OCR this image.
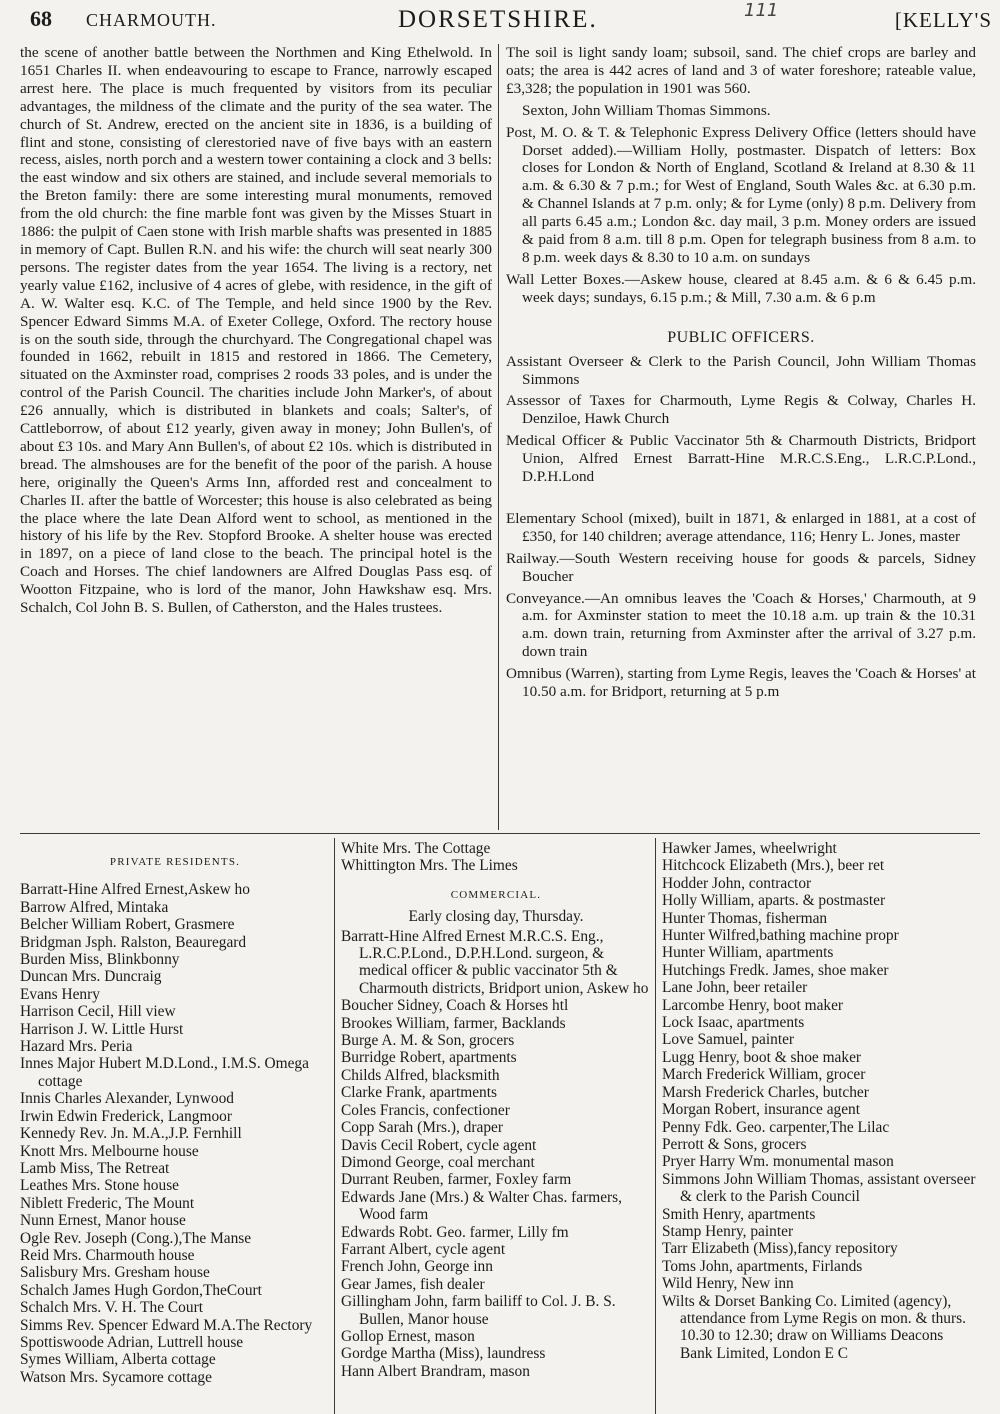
68 CHARMOUTH.	DORSETSHIRE.	111	[KELLY'S

the scene of another battle between the Northmen and King Ethelwold. In 1651 Charles II. when endeavouring to escape to France, narrowly escaped arrest here. The place is much frequented by visitors from its peculiar advantages, the mildness of the climate and the purity of the sea water. The church of St. Andrew, erected on the ancient site in 1836, is a building of flint and stone, consisting of clerestoried nave of five bays with an eastern recess, aisles, north porch and a western tower containing a clock and 3 bells: the east window and six others are stained, and include several memorials to the Breton family: there are some interesting mural monuments, removed from the old church: the fine marble font was given by the Misses Stuart in 1886: the pulpit of Caen stone with Irish marble shafts was presented in 1885 in memory of Capt. Bullen R.N. and his wife: the church will seat nearly 300 persons. The register dates from the year 1654. The living is a rectory, net yearly value £162, inclusive of 4 acres of glebe, with residence, in the gift of A. W. Walter esq. K.C. of The Temple, and held since 1900 by the Rev. Spencer Edward Simms M.A. of Exeter College, Oxford. The rectory house is on the south side, through the churchyard. The Congregational chapel was founded in 1662, rebuilt in 1815 and restored in 1866. The Cemetery, situated on the Axminster road, comprises 2 roods 33 poles, and is under the control of the Parish Council. The charities include John Marker's, of about £26 annually, which is distributed in blankets and coals; Salter's, of Cattleborrow, of about £12 yearly, given away in money; John Bullen's, of about £3 10s. and Mary Ann Bullen's, of about £2 10s. which is distributed in bread. The almshouses are for the benefit of the poor of the parish. A house here, originally the Queen's Arms Inn, afforded rest and concealment to Charles II. after the battle of Worcester; this house is also celebrated as being the place where the late Dean Alford went to school, as mentioned in the history of his life by the Rev. Stopford Brooke. A shelter house was erected in 1897, on a piece of land close to the beach. The principal hotel is the Coach and Horses. The chief landowners are Alfred Douglas Pass esq. of Wootton Fitzpaine, who is lord of the manor, John Hawkshaw esq. Mrs. Schalch, Col John B. S. Bullen, of Catherston, and the Hales trustees.

The soil is light sandy loam; subsoil, sand. The chief crops are barley and oats; the area is 442 acres of land and 3 of water foreshore; rateable value, £3,328; the population in 1901 was 560.

Sexton, John William Thomas Simmons.

Post, M. O. & T. & Telephonic Express Delivery Office (letters should have Dorset added).—William Holly, postmaster. Dispatch of letters: Box closes for London & North of England, Scotland & Ireland at 8.30 & 11 a.m. & 6.30 & 7 p.m.; for West of England, South Wales &c. at 6.30 p.m. & Channel Islands at 7 p.m. only; & for Lyme (only) 8 p.m. Delivery from all parts 6.45 a.m.; London &c. day mail, 3 p.m. Money orders are issued & paid from 8 a.m. till 8 p.m. Open for telegraph business from 8 a.m. to 8 p.m. week days & 8.30 to 10 a.m. on sundays

Wall Letter Boxes.—Askew house, cleared at 8.45 a.m. & 6 & 6.45 p.m. week days; sundays, 6.15 p.m.; & Mill, 7.30 a.m. & 6 p.m

PUBLIC OFFICERS.

Assistant Overseer & Clerk to the Parish Council, John William Thomas Simmons

Assessor of Taxes for Charmouth, Lyme Regis & Colway, Charles H. Denziloe, Hawk Church

Medical Officer & Public Vaccinator 5th & Charmouth Districts, Bridport Union, Alfred Ernest Barratt-Hine M.R.C.S.Eng., L.R.C.P.Lond., D.P.H.Lond

Elementary School (mixed), built in 1871, & enlarged in 1881, at a cost of £350, for 140 children; average attendance, 116; Henry L. Jones, master

Railway.—South Western receiving house for goods & parcels, Sidney Boucher

Conveyance.—An omnibus leaves the 'Coach & Horses,' Charmouth, at 9 a.m. for Axminster station to meet the 10.18 a.m. up train & the 10.31 a.m. down train, returning from Axminster after the arrival of 3.27 p.m. down train

Omnibus (Warren), starting from Lyme Regis, leaves the 'Coach & Horses' at 10.50 a.m. for Bridport, returning at 5 p.m

PRIVATE RESIDENTS.
Barratt-Hine Alfred Ernest,Askew ho
Barrow Alfred, Mintaka
Belcher William Robert, Grasmere
Bridgman Jsph. Ralston, Beauregard
Burden Miss, Blinkbonny
Duncan Mrs. Duncraig
Evans Henry
Harrison Cecil, Hill view
Harrison J. W. Little Hurst
Hazard Mrs. Peria
Innes Major Hubert M.D.Lond., I.M.S. Omega cottage
Innis Charles Alexander, Lynwood
Irwin Edwin Frederick, Langmoor
Kennedy Rev. Jn. M.A.,J.P. Fernhill
Knott Mrs. Melbourne house
Lamb Miss, The Retreat
Leathes Mrs. Stone house
Niblett Frederic, The Mount
Nunn Ernest, Manor house
Ogle Rev. Joseph (Cong.),The Manse
Reid Mrs. Charmouth house
Salisbury Mrs. Gresham house
Schalch James Hugh Gordon,TheCourt
Schalch Mrs. V. H. The Court
Simms Rev. Spencer Edward M.A.The Rectory
Spottiswoode Adrian, Luttrell house
Symes William, Alberta cottage
Watson Mrs. Sycamore cottage
White Mrs. The Cottage
Whittington Mrs. The Limes
COMMERCIAL.
Early closing day, Thursday.
Barratt-Hine Alfred Ernest M.R.C.S. Eng., L.R.C.P.Lond., D.P.H.Lond. surgeon, & medical officer & public vaccinator 5th & Charmouth districts, Bridport union, Askew ho
Boucher Sidney, Coach & Horses htl
Brookes William, farmer, Backlands
Burge A. M. & Son, grocers
Burridge Robert, apartments
Childs Alfred, blacksmith
Clarke Frank, apartments
Coles Francis, confectioner
Copp Sarah (Mrs.), draper
Davis Cecil Robert, cycle agent
Dimond George, coal merchant
Durrant Reuben, farmer, Foxley farm
Edwards Jane (Mrs.) & Walter Chas. farmers, Wood farm
Edwards Robt. Geo. farmer, Lilly fm
Farrant Albert, cycle agent
French John, George inn
Gear James, fish dealer
Gillingham John, farm bailiff to Col. J. B. S. Bullen, Manor house
Gollop Ernest, mason
Gordge Martha (Miss), laundress
Hann Albert Brandram, mason
Hawker James, wheelwright
Hitchcock Elizabeth (Mrs.), beer ret
Hodder John, contractor
Holly William, aparts. & postmaster
Hunter Thomas, fisherman
Hunter Wilfred,bathing machine propr
Hunter William, apartments
Hutchings Fredk. James, shoe maker
Lane John, beer retailer
Larcombe Henry, boot maker
Lock Isaac, apartments
Love Samuel, painter
Lugg Henry, boot & shoe maker
March Frederick William, grocer
Marsh Frederick Charles, butcher
Morgan Robert, insurance agent
Penny Fdk. Geo. carpenter,The Lilac
Perrott & Sons, grocers
Pryer Harry Wm. monumental mason
Simmons John William Thomas, assistant overseer & clerk to the Parish Council
Smith Henry, apartments
Stamp Henry, painter
Tarr Elizabeth (Miss),fancy repository
Toms John, apartments, Firlands
Wild Henry, New inn
Wilts & Dorset Banking Co. Limited (agency), attendance from Lyme Regis on mon. & thurs. 10.30 to 12.30; draw on Williams Deacons Bank Limited, London E C
